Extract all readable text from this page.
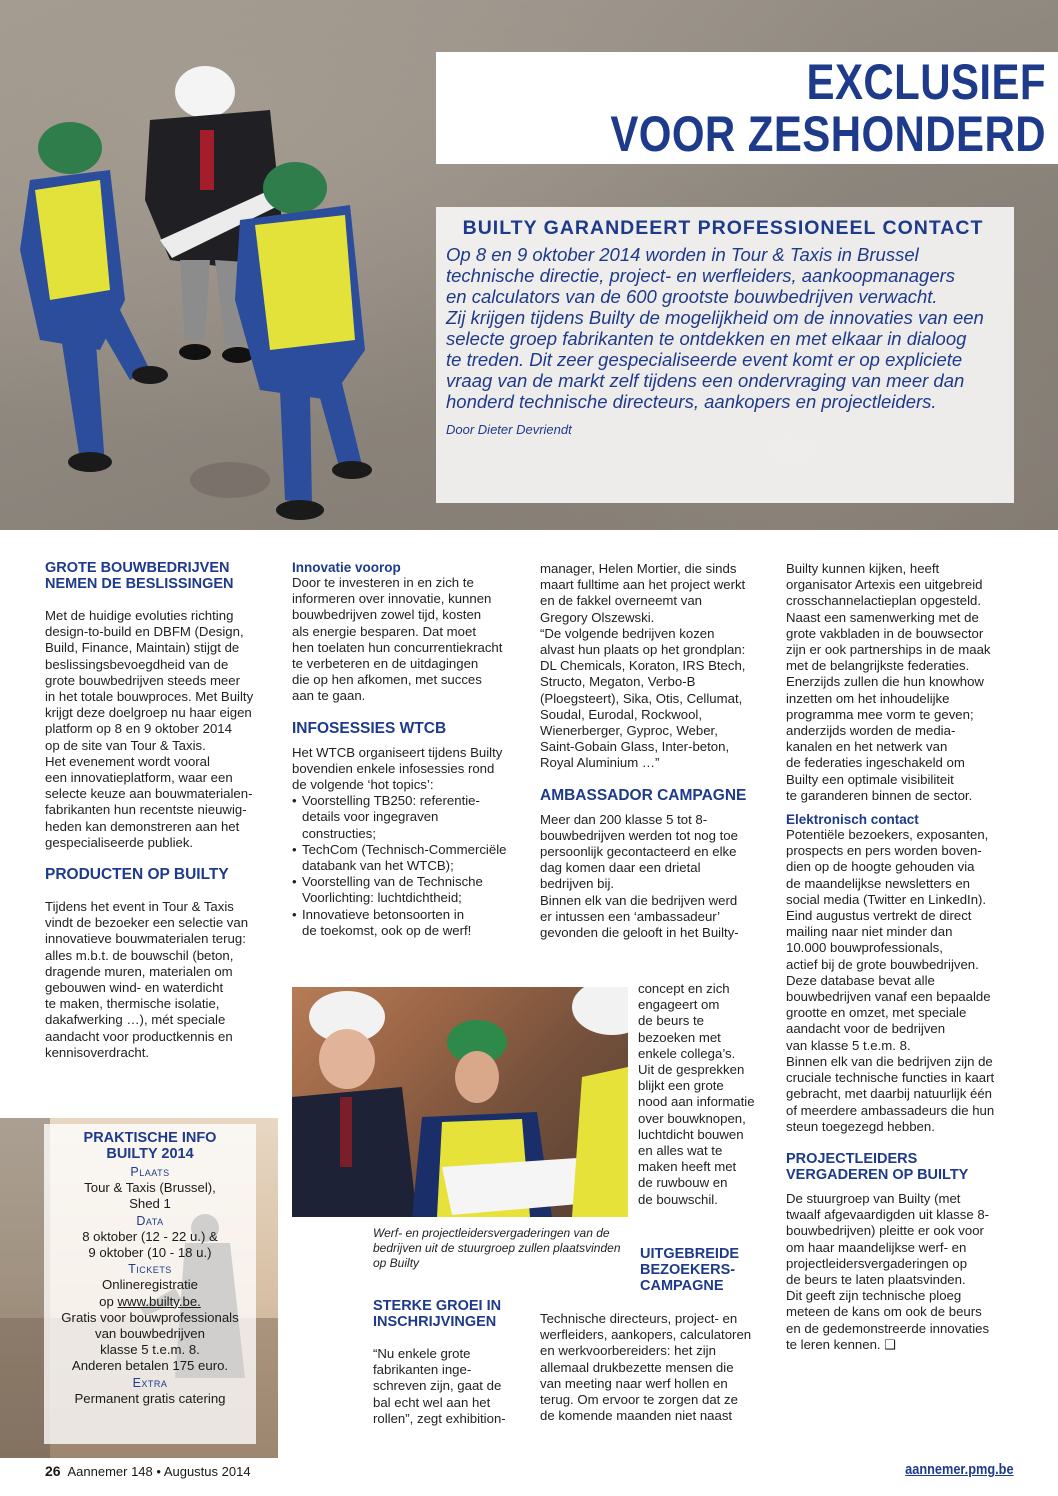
EXCLUSIEF
VOOR ZESHONDERD
BUILTY GARANDEERT PROFESSIONEEL CONTACT
Op 8 en 9 oktober 2014 worden in Tour & Taxis in Brussel
technische directie, project- en werfleiders, aankoopmanagers
en calculators van de 600 grootste bouwbedrijven verwacht.
Zij krijgen tijdens Builty de mogelijkheid om de innovaties van een
selecte groep fabrikanten te ontdekken en met elkaar in dialoog
te treden. Dit zeer gespecialiseerde event komt er op expliciete
vraag van de markt zelf tijdens een ondervraging van meer dan
honderd technische directeurs, aankopers en projectleiders.
Door Dieter Devriendt
GROTE BOUWBEDRIJVEN
NEMEN DE BESLISSINGEN
Met de huidige evoluties richting
design-to-build en DBFM (Design,
Build, Finance, Maintain) stijgt de
beslissingsbevoegdheid van de
grote bouwbedrijven steeds meer
in het totale bouwproces. Met Builty
krijgt deze doelgroep nu haar eigen
platform op 8 en 9 oktober 2014
op de site van Tour & Taxis.
Het evenement wordt vooral
een innovatieplatform, waar een
selecte keuze aan bouwmaterialen-
fabrikanten hun recentste nieuwig-
heden kan demonstreren aan het
gespecialiseerde publiek.
PRODUCTEN OP BUILTY
Tijdens het event in Tour & Taxis
vindt de bezoeker een selectie van
innovatieve bouwmaterialen terug:
alles m.b.t. de bouwschil (beton,
dragende muren, materialen om
gebouwen wind- en waterdicht
te maken, thermische isolatie,
dakafwerking …), mét speciale
aandacht voor productkennis en
kennisoverdracht.
PRAKTISCHE INFO
BUILTY 2014
Plaats
Tour & Taxis (Brussel),
Shed 1
Data
8 oktober (12 - 22 u.) &
9 oktober (10 - 18 u.)
Tickets
Onlineregistratie
op www.builty.be.
Gratis voor bouwprofessionals
van bouwbedrijven
klasse 5 t.e.m. 8.
Anderen betalen 175 euro.
Extra
Permanent gratis catering
Innovatie voorop
Door te investeren in en zich te
informeren over innovatie, kunnen
bouwbedrijven zowel tijd, kosten
als energie besparen. Dat moet
hen toelaten hun concurrentiekracht
te verbeteren en de uitdagingen
die op hen afkomen, met succes
aan te gaan.
INFOSESSIES WTCB
Het WTCB organiseert tijdens Builty
bovendien enkele infosessies rond
de volgende ‘hot topics’:
• Voorstelling TB250: referentie-
details voor ingegraven
constructies;
• TechCom (Technisch-Commerciële
databank van het WTCB);
• Voorstelling van de Technische
Voorlichting: luchtdichtheid;
• Innovatieve betonsoorten in
de toekomst, ook op de werf!
Werf- en projectleidersvergaderingen van de
bedrijven uit de stuurgroep zullen plaatsvinden
op Builty
STERKE GROEI IN
INSCHRIJVINGEN
“Nu enkele grote
fabrikanten inge-
schreven zijn, gaat de
bal echt wel aan het
rollen”, zegt exhibition-
manager, Helen Mortier, die sinds
maart fulltime aan het project werkt
en de fakkel overneemt van
Gregory Olszewski.
“De volgende bedrijven kozen
alvast hun plaats op het grondplan:
DL Chemicals, Koraton, IRS Btech,
Structo, Megaton, Verbo-B
(Ploegsteert), Sika, Otis, Cellumat,
Soudal, Eurodal, Rockwool,
Wienerberger, Gyproc, Weber,
Saint-Gobain Glass, Inter-beton,
Royal Aluminium …”
AMBASSADOR CAMPAGNE
Meer dan 200 klasse 5 tot 8-
bouwbedrijven werden tot nog toe
persoonlijk gecontacteerd en elke
dag komen daar een drietal
bedrijven bij.
Binnen elk van die bedrijven werd
er intussen een ‘ambassadeur’
gevonden die gelooft in het Builty-
concept en zich
engageert om
de beurs te
bezoeken met
enkele collega’s.
Uit de gesprekken
blijkt een grote
nood aan informatie
over bouwknopen,
luchtdicht bouwen
en alles wat te
maken heeft met
de ruwbouw en
de bouwschil.
UITGEBREIDE
BEZOEKERS-
CAMPAGNE
Technische directeurs, project- en
werfleiders, aankopers, calculatoren
en werkvoorbereiders: het zijn
allemaal drukbezette mensen die
van meeting naar werf hollen en
terug. Om ervoor te zorgen dat ze
de komende maanden niet naast
Builty kunnen kijken, heeft
organisator Artexis een uitgebreid
crosschannelactieplan opgesteld.
Naast een samenwerking met de
grote vakbladen in de bouwsector
zijn er ook partnerships in de maak
met de belangrijkste federaties.
Enerzijds zullen die hun knowhow
inzetten om het inhoudelijke
programma mee vorm te geven;
anderzijds worden de media-
kanalen en het netwerk van
de federaties ingeschakeld om
Builty een optimale visibiliteit
te garanderen binnen de sector.
Elektronisch contact
Potentiële bezoekers, exposanten,
prospects en pers worden boven-
dien op de hoogte gehouden via
de maandelijkse newsletters en
social media (Twitter en LinkedIn).
Eind augustus vertrekt de direct
mailing naar niet minder dan
10.000 bouwprofessionals,
actief bij de grote bouwbedrijven.
Deze database bevat alle
bouwbedrijven vanaf een bepaalde
grootte en omzet, met speciale
aandacht voor de bedrijven
van klasse 5 t.e.m. 8.
Binnen elk van die bedrijven zijn de
cruciale technische functies in kaart
gebracht, met daarbij natuurlijk één
of meerdere ambassadeurs die hun
steun toegezegd hebben.
PROJECTLEIDERS
VERGADEREN OP BUILTY
De stuurgroep van Builty (met
twaalf afgevaardigden uit klasse 8-
bouwbedrijven) pleitte er ook voor
om haar maandelijkse werf- en
projectleidersvergaderingen op
de beurs te laten plaatsvinden.
Dit geeft zijn technische ploeg
meteen de kans om ook de beurs
en de gedemonstreerde innovaties
te leren kennen. ❑
26 Aannemer 148 • Augustus 2014	aannemer.pmg.be
